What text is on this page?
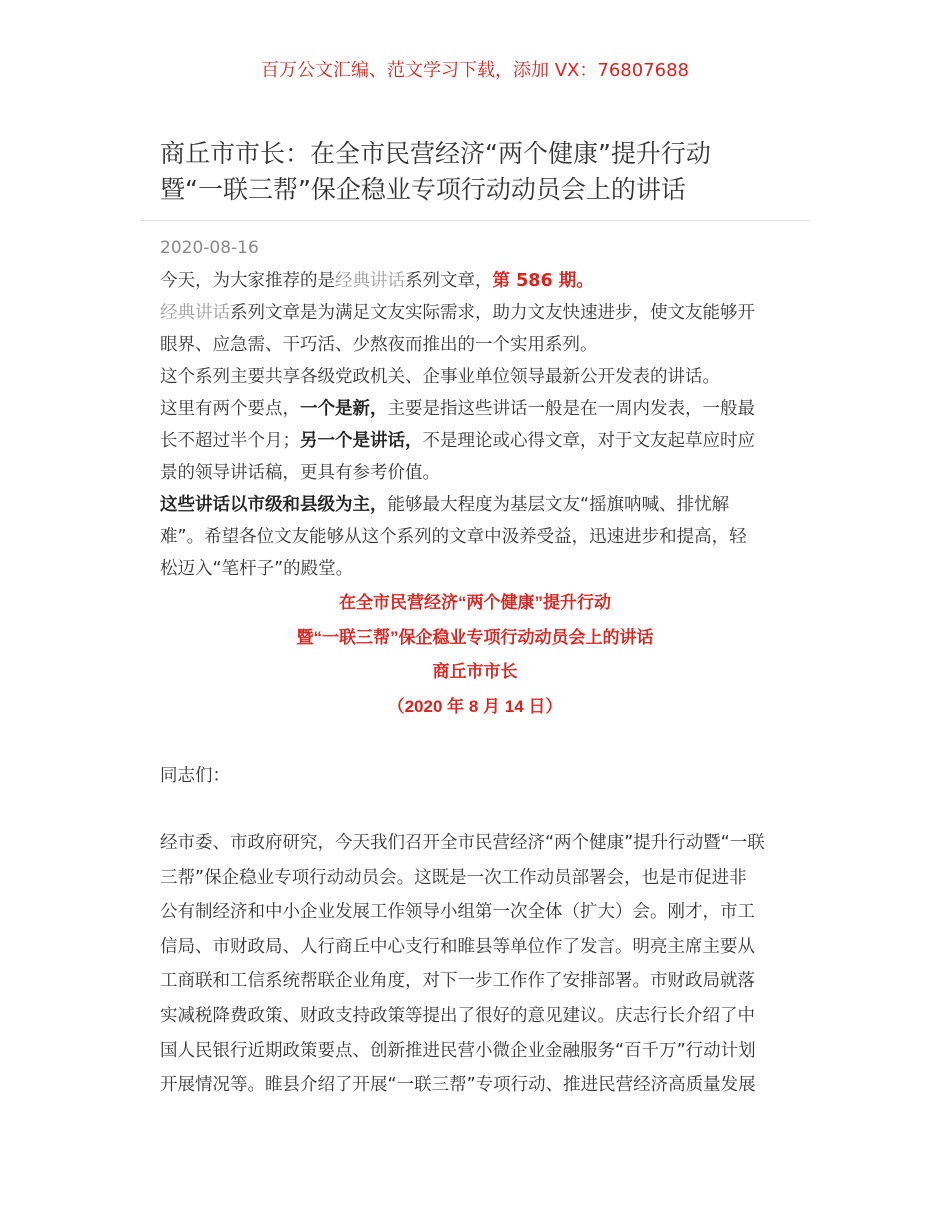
百万公文汇编、范文学习下载，添加 VX：76807688
商丘市市长：在全市民营经济“两个健康”提升行动
暨“一联三帮”保企稳业专项行动动员会上的讲话
2020-08-16
今天，为大家推荐的是经典讲话系列文章，第 586 期。
经典讲话系列文章是为满足文友实际需求，助力文友快速进步，使文友能够开
眼界、应急需、干巧活、少熬夜而推出的一个实用系列。
这个系列主要共享各级党政机关、企事业单位领导最新公开发表的讲话。
这里有两个要点，一个是新，主要是指这些讲话一般是在一周内发表，一般最
长不超过半个月；另一个是讲话，不是理论或心得文章，对于文友起草应时应
景的领导讲话稿，更具有参考价值。
这些讲话以市级和县级为主，能够最大程度为基层文友“摇旗呐喊、排忧解
难”。希望各位文友能够从这个系列的文章中汲养受益，迅速进步和提高，轻
松迈入“笔杆子”的殿堂。
在全市民营经济“两个健康”提升行动
暨“一联三帮”保企稳业专项行动动员会上的讲话
商丘市市长
（2020 年 8 月 14 日）
同志们：
经市委、市政府研究，今天我们召开全市民营经济“两个健康”提升行动暨“一联
三帮”保企稳业专项行动动员会。这既是一次工作动员部署会，也是市促进非
公有制经济和中小企业发展工作领导小组第一次全体（扩大）会。刚才，市工
信局、市财政局、人行商丘中心支行和睢县等单位作了发言。明亮主席主要从
工商联和工信系统帮联企业角度，对下一步工作作了安排部署。市财政局就落
实减税降费政策、财政支持政策等提出了很好的意见建议。庆志行长介绍了中
国人民银行近期政策要点、创新推进民营小微企业金融服务“百千万”行动计划
开展情况等。睢县介绍了开展“一联三帮”专项行动、推进民营经济高质量发展
